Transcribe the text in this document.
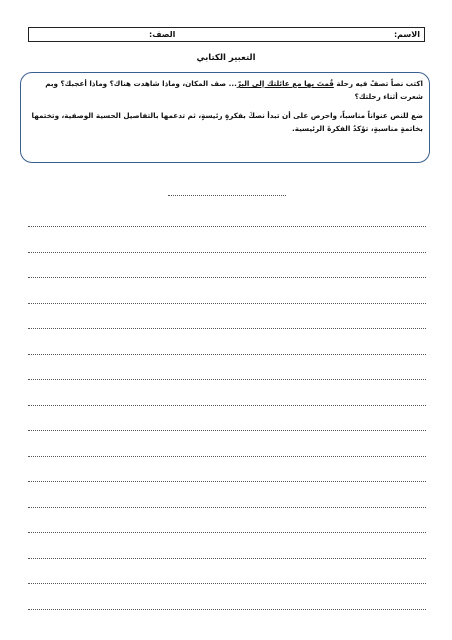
الاسم:
الصف:
التعبير الكتابي

اكتب نصاً تصفُ فيه رحلة قُمتَ بها مع عائلتك إلى البرّ... صف المكان، وماذا شاهدت هناك؟ وماذا أعجبك؟ وبم شعرت أثناء رحلتك؟

ضع للنص عنواناً مناسباً، واحرص على أن تبدأ نصكَ بفكرةٍ رئيسةٍ، ثم تدعمها بالتفاصيل الحسية الوصفية، وتختمها بخاتمةٍ مناسبةٍ، تؤكدُ الفكرةَ الرئيسية.
